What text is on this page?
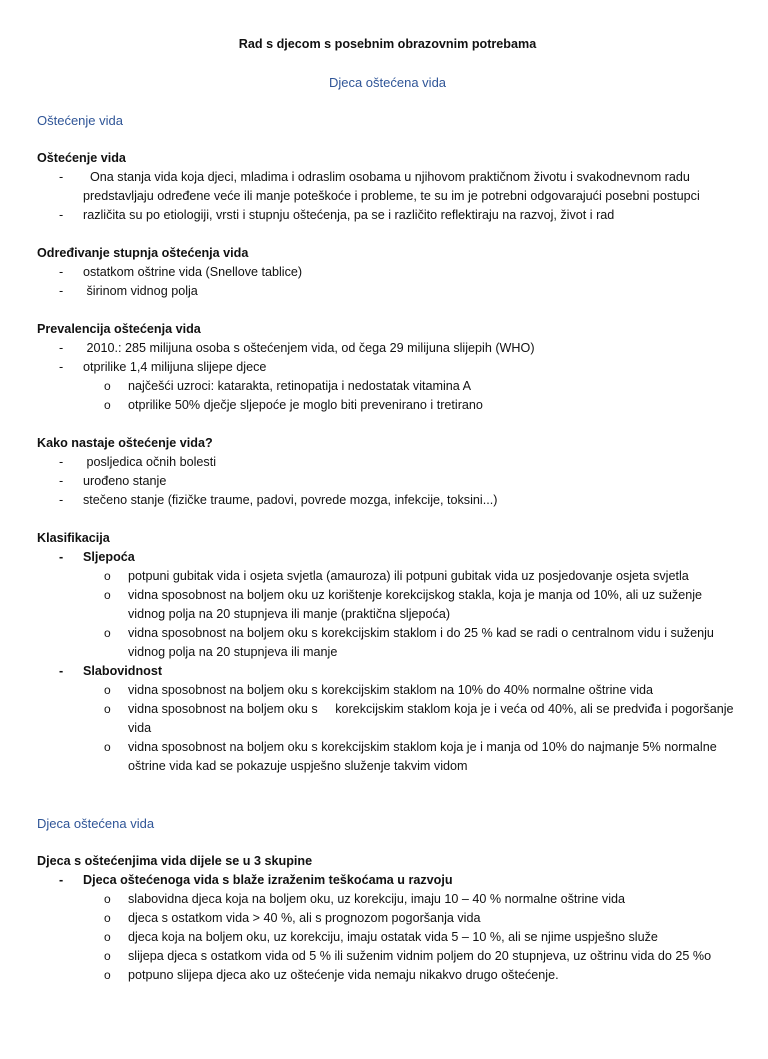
Rad s djecom s posebnim obrazovnim potrebama
Djeca oštećena vida
Oštećenje vida
Oštećenje vida
- Ona stanja vida koja djeci, mladima i odraslim osobama u njihovom praktičnom životu i svakodnevnom radu predstavljaju određene veće ili manje poteškoće i probleme, te su im je potrebni odgovarajući posebni postupci
- različita su po etiologiji, vrsti i stupnju oštećenja, pa se i različito reflektiraju na razvoj, život i rad
Određivanje stupnja oštećenja vida
- ostatkom oštrine vida (Snellove tablice)
- širinom vidnog polja
Prevalencija oštećenja vida
- 2010.: 285 milijuna osoba s oštećenjem vida, od čega 29 milijuna slijepih (WHO)
- otprilike 1,4 milijuna slijepe djece
o najčešći uzroci: katarakta, retinopatija i nedostatak vitamina A
o otprilike 50% dječje sljepoće je moglo biti prevenirano i tretirano
Kako nastaje oštećenje vida?
- posljedica očnih bolesti
- urođeno stanje
- stečeno stanje (fizičke traume, padovi, povrede mozga, infekcije, toksini...)
Klasifikacija
- Sljepoća
o potpuni gubitak vida i osjeta svjetla (amauroza) ili potpuni gubitak vida uz posjedovanje osjeta svjetla
o vidna sposobnost na boljem oku uz korištenje korekcijskog stakla, koja je manja od 10%, ali uz suženje vidnog polja na 20 stupnjeva ili manje (praktična sljepoća)
o vidna sposobnost na boljem oku s korekcijskim staklom i do 25 % kad se radi o centralnom vidu i suženju vidnog polja na 20 stupnjeva ili manje
- Slabovidnost
o vidna sposobnost na boljem oku s korekcijskim staklom na 10% do 40% normalne oštrine vida
o vidna sposobnost na boljem oku s     korekcijskim staklom koja je i veća od 40%, ali se predviđa i pogoršanje vida
o vidna sposobnost na boljem oku s korekcijskim staklom koja je i manja od 10% do najmanje 5% normalne oštrine vida kad se pokazuje uspješno služenje takvim vidom
Djeca oštećena vida
Djeca s oštećenjima vida dijele se u 3 skupine
- Djeca oštećenoga vida s blaže izraženim teškoćama u razvoju
o slabovidna djeca koja na boljem oku, uz korekciju, imaju 10 – 40 % normalne oštrine vida
o djeca s ostatkom vida > 40 %, ali s prognozom pogoršanja vida
o djeca koja na boljem oku, uz korekciju, imaju ostatak vida 5 – 10 %, ali se njime uspješno služe
o slijepa djeca s ostatkom vida od 5 % ili suženim vidnim poljem do 20 stupnjeva, uz oštrinu vida do 25 %o
o potpuno slijepa djeca ako uz oštećenje vida nemaju nikakvo drugo oštećenje.
